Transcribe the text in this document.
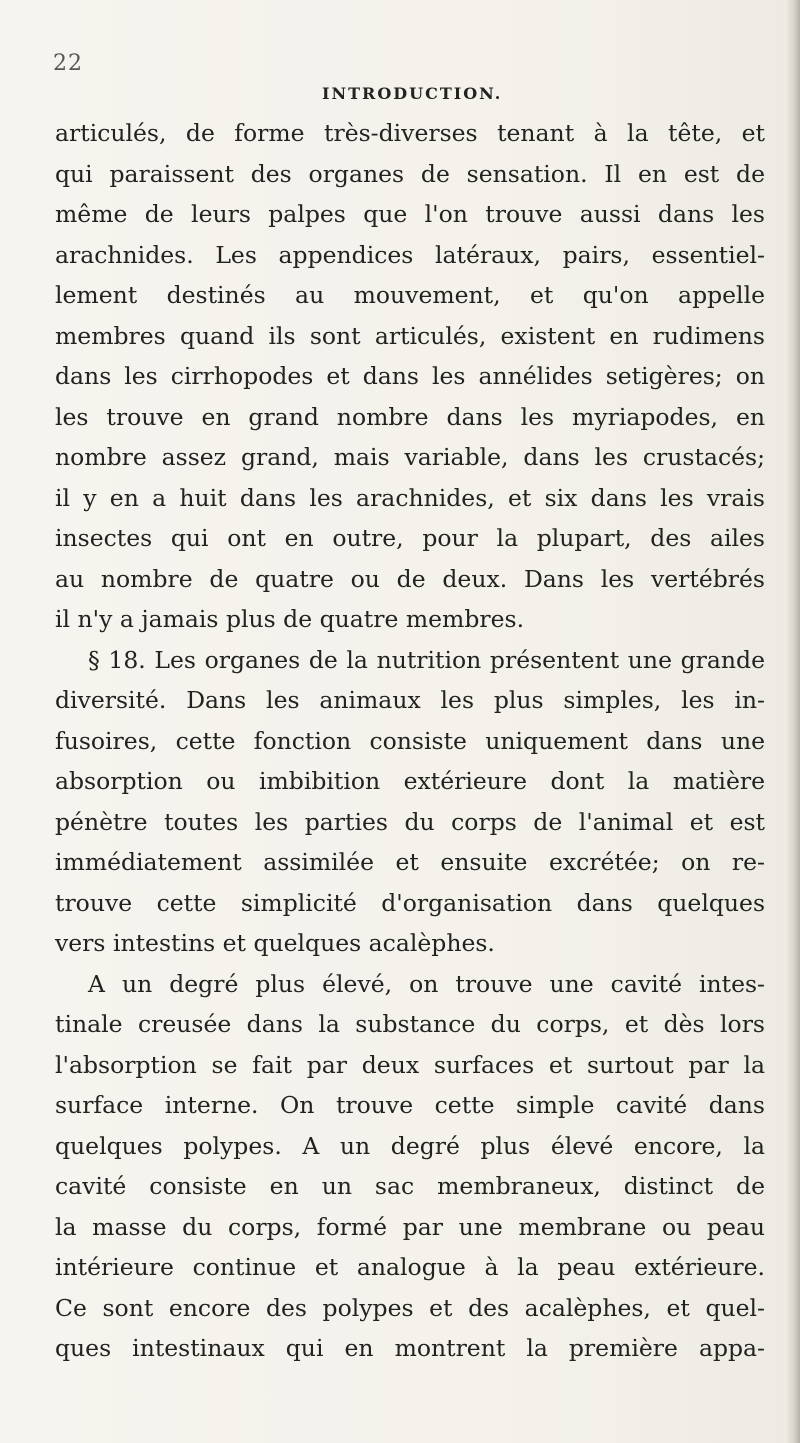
22
INTRODUCTION.
articulés, de forme très-diverses tenant à la tête, et
qui paraissent des organes de sensation. Il en est de
même de leurs palpes que l'on trouve aussi dans les
arachnides. Les appendices latéraux, pairs, essentiel-
lement destinés au mouvement, et qu'on appelle
membres quand ils sont articulés, existent en rudimens
dans les cirrhopodes et dans les annélides setigères; on
les trouve en grand nombre dans les myriapodes, en
nombre assez grand, mais variable, dans les crustacés;
il y en a huit dans les arachnides, et six dans les vrais
insectes qui ont en outre, pour la plupart, des ailes
au nombre de quatre ou de deux. Dans les vertébrés
il n'y a jamais plus de quatre membres.
§ 18. Les organes de la nutrition présentent une grande
diversité. Dans les animaux les plus simples, les in-
fusoires, cette fonction consiste uniquement dans une
absorption ou imbibition extérieure dont la matière
pénètre toutes les parties du corps de l'animal et est
immédiatement assimilée et ensuite excrétée; on re-
trouve cette simplicité d'organisation dans quelques
vers intestins et quelques acalèphes.
A un degré plus élevé, on trouve une cavité intes-
tinale creusée dans la substance du corps, et dès lors
l'absorption se fait par deux surfaces et surtout par la
surface interne. On trouve cette simple cavité dans
quelques polypes. A un degré plus élevé encore, la
cavité consiste en un sac membraneux, distinct de
la masse du corps, formé par une membrane ou peau
intérieure continue et analogue à la peau extérieure.
Ce sont encore des polypes et des acalèphes, et quel-
ques intestinaux qui en montrent la première appa-
